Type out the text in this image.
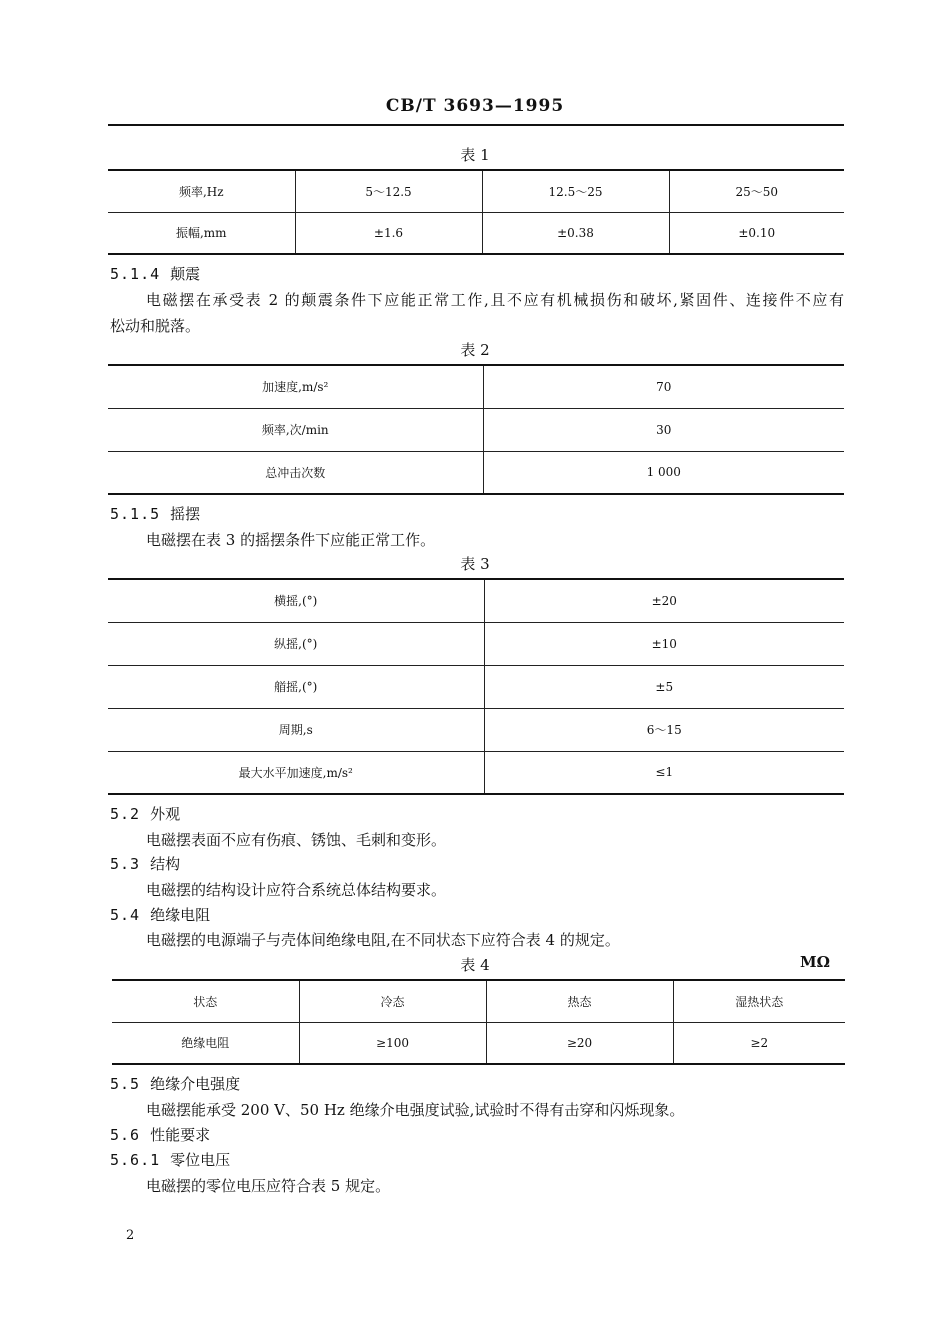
CB/T 3693—1995
表 1
频率,Hz	5～12.5	12.5～25	25～50
振幅,mm	±1.6	±0.38	±0.10
5.1.4 颠震
电磁摆在承受表 2 的颠震条件下应能正常工作,且不应有机械损伤和破坏,紧固件、连接件不应有
松动和脱落。
表 2
加速度,m/s²	70
频率,次/min	30
总冲击次数	1 000
5.1.5 摇摆
电磁摆在表 3 的摇摆条件下应能正常工作。
表 3
横摇,(°)	±20
纵摇,(°)	±10
艏摇,(°)	±5
周期,s	6～15
最大水平加速度,m/s²	≤1
5.2 外观
电磁摆表面不应有伤痕、锈蚀、毛刺和变形。
5.3 结构
电磁摆的结构设计应符合系统总体结构要求。
5.4 绝缘电阻
电磁摆的电源端子与壳体间绝缘电阻,在不同状态下应符合表 4 的规定。
表 4	MΩ
状态	冷态	热态	湿热状态
绝缘电阻	≥100	≥20	≥2
5.5 绝缘介电强度
电磁摆能承受 200 V、50 Hz 绝缘介电强度试验,试验时不得有击穿和闪烁现象。
5.6 性能要求
5.6.1 零位电压
电磁摆的零位电压应符合表 5 规定。
2
